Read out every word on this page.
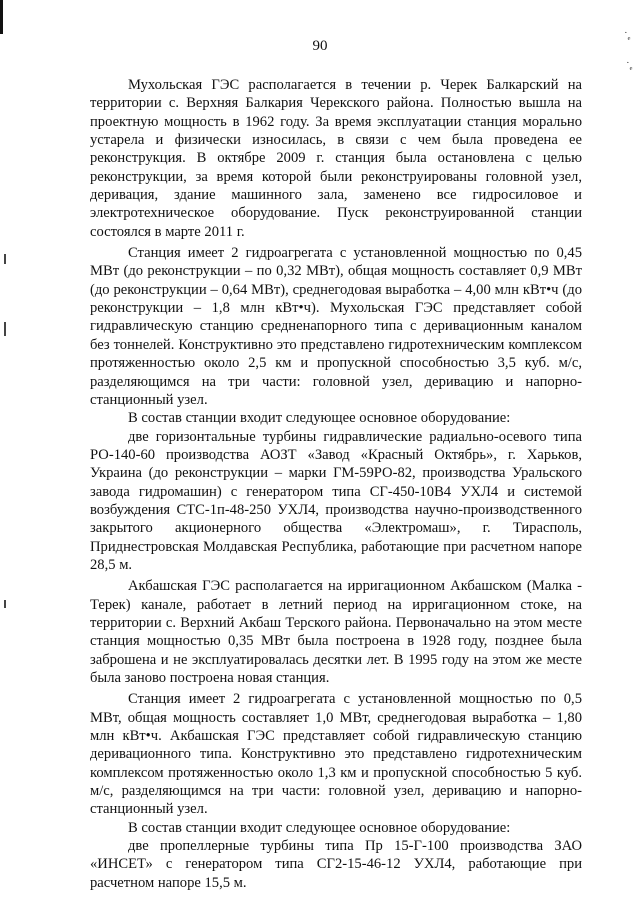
˙ₑ
˙ₑ
90

Мухольская ГЭС располагается в течении р. Черек Балкарский на территории с. Верхняя Балкария Черекского района. Полностью вышла на проектную мощность в 1962 году. За время эксплуатации станция морально устарела и физически износилась, в связи с чем была проведена ее реконструкция. В октябре 2009 г. станция была остановлена с целью реконструкции, за время которой были реконструированы головной узел, деривация, здание машинного зала, заменено все гидросиловое и электротехническое оборудование. Пуск реконструированной станции состоялся в марте 2011 г.

Станция имеет 2 гидроагрегата с установленной мощностью по 0,45 МВт (до реконструкции – по 0,32 МВт), общая мощность составляет 0,9 МВт (до реконструкции – 0,64 МВт), среднегодовая выработка – 4,00 млн кВт•ч (до реконструкции – 1,8 млн кВт•ч). Мухольская ГЭС представляет собой гидравлическую станцию средненапорного типа с деривационным каналом без тоннелей. Конструктивно это представлено гидротехническим комплексом протяженностью около 2,5 км и пропускной способностью 3,5 куб. м/с, разделяющимся на три части: головной узел, деривацию и напорно-станционный узел.

В состав станции входит следующее основное оборудование:

две горизонтальные турбины гидравлические радиально-осевого типа РО-140-60 производства АОЗТ «Завод «Красный Октябрь», г. Харьков, Украина (до реконструкции – марки ГМ-59РО-82, производства Уральского завода гидромашин) с генератором типа СГ-450-10В4 УХЛ4 и системой возбуждения СТС-1п-48-250 УХЛ4, производства научно-производственного закрытого акционерного общества «Электромаш», г. Тирасполь, Приднестровская Молдавская Республика, работающие при расчетном напоре 28,5 м.

Акбашская ГЭС располагается на ирригационном Акбашском (Малка - Терек) канале, работает в летний период на ирригационном стоке, на территории с. Верхний Акбаш Терского района. Первоначально на этом месте станция мощностью 0,35 МВт была построена в 1928 году, позднее была заброшена и не эксплуатировалась десятки лет. В 1995 году на этом же месте была заново построена новая станция.

Станция имеет 2 гидроагрегата с установленной мощностью по 0,5 МВт, общая мощность составляет 1,0 МВт, среднегодовая выработка – 1,80 млн кВт•ч. Акбашская ГЭС представляет собой гидравлическую станцию деривационного типа. Конструктивно это представлено гидротехническим комплексом протяженностью около 1,3 км и пропускной способностью 5 куб. м/с, разделяющимся на три части: головной узел, деривацию и напорно-станционный узел.

В состав станции входит следующее основное оборудование:

две пропеллерные турбины типа Пр 15-Г-100 производства ЗАО «ИНСЕТ» с генератором типа СГ2-15-46-12 УХЛ4, работающие при расчетном напоре 15,5 м.
